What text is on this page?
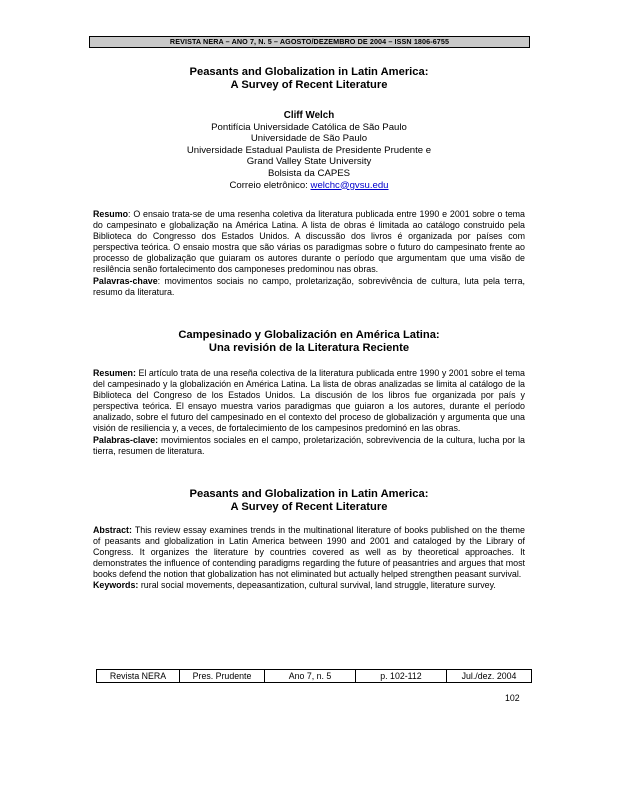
REVISTA NERA – ANO 7, N. 5 – AGOSTO/DEZEMBRO DE 2004 – ISSN 1806-6755

Peasants and Globalization in Latin America:

A Survey of Recent Literature

Cliff Welch
Pontifícia Universidade Católica de São Paulo
Universidade de São Paulo
Universidade Estadual Paulista de Presidente Prudente e
Grand Valley State University
Bolsista da CAPES
Correio eletrônico: welchc@gvsu.edu

Resumo: O ensaio trata-se de uma resenha coletiva da literatura publicada entre 1990 e 2001 sobre o tema do campesinato e globalização na América Latina. A lista de obras é limitada ao catálogo construido pela Biblioteca do Congresso dos Estados Unidos. A discussão dos livros é organizada por países com perspectiva teórica. O ensaio mostra que são várias os paradigmas sobre o futuro do campesinato frente ao processo de globalização que guiaram os autores durante o período que argumentam que uma visão de resilência senão fortalecimento dos camponeses predominou nas obras.

Palavras-chave: movimentos sociais no campo, proletarização, sobrevivência de cultura, luta pela terra, resumo da literatura.

Campesinado y Globalización en América Latina:

Una revisión de la Literatura Reciente

Resumen: El artículo trata de una reseña colectiva de la literatura publicada entre 1990 y 2001 sobre el tema del campesinado y la globalización en América Latina. La lista de obras analizadas se limita al catálogo de la Biblioteca del Congreso de los Estados Unidos. La discusión de los libros fue organizada por país y perspectiva teórica. El ensayo muestra varios paradigmas que guiaron a los autores, durante el período analizado, sobre el futuro del campesinado en el contexto del proceso de globalización y argumenta que una visión de resiliencia y, a veces, de fortalecimiento de los campesinos predominó en las obras.

Palabras-clave: movimientos sociales en el campo, proletarización, sobrevivencia de la cultura, lucha por la tierra, resumen de literatura.

Peasants and Globalization in Latin America:

A Survey of Recent Literature

Abstract: This review essay examines trends in the multinational literature of books published on the theme of peasants and globalization in Latin America between 1990 and 2001 and cataloged by the Library of Congress. It organizes the literature by countries covered as well as by theoretical approaches. It demonstrates the influence of contending paradigms regarding the future of peasantries and argues that most books defend the notion that globalization has not eliminated but actually helped strengthen peasant survival.

Keywords: rural social movements, depeasantization, cultural survival, land struggle, literature survey.

Revista NERA	Pres. Prudente	Ano 7, n. 5	p. 102-112	Jul./dez. 2004
102
